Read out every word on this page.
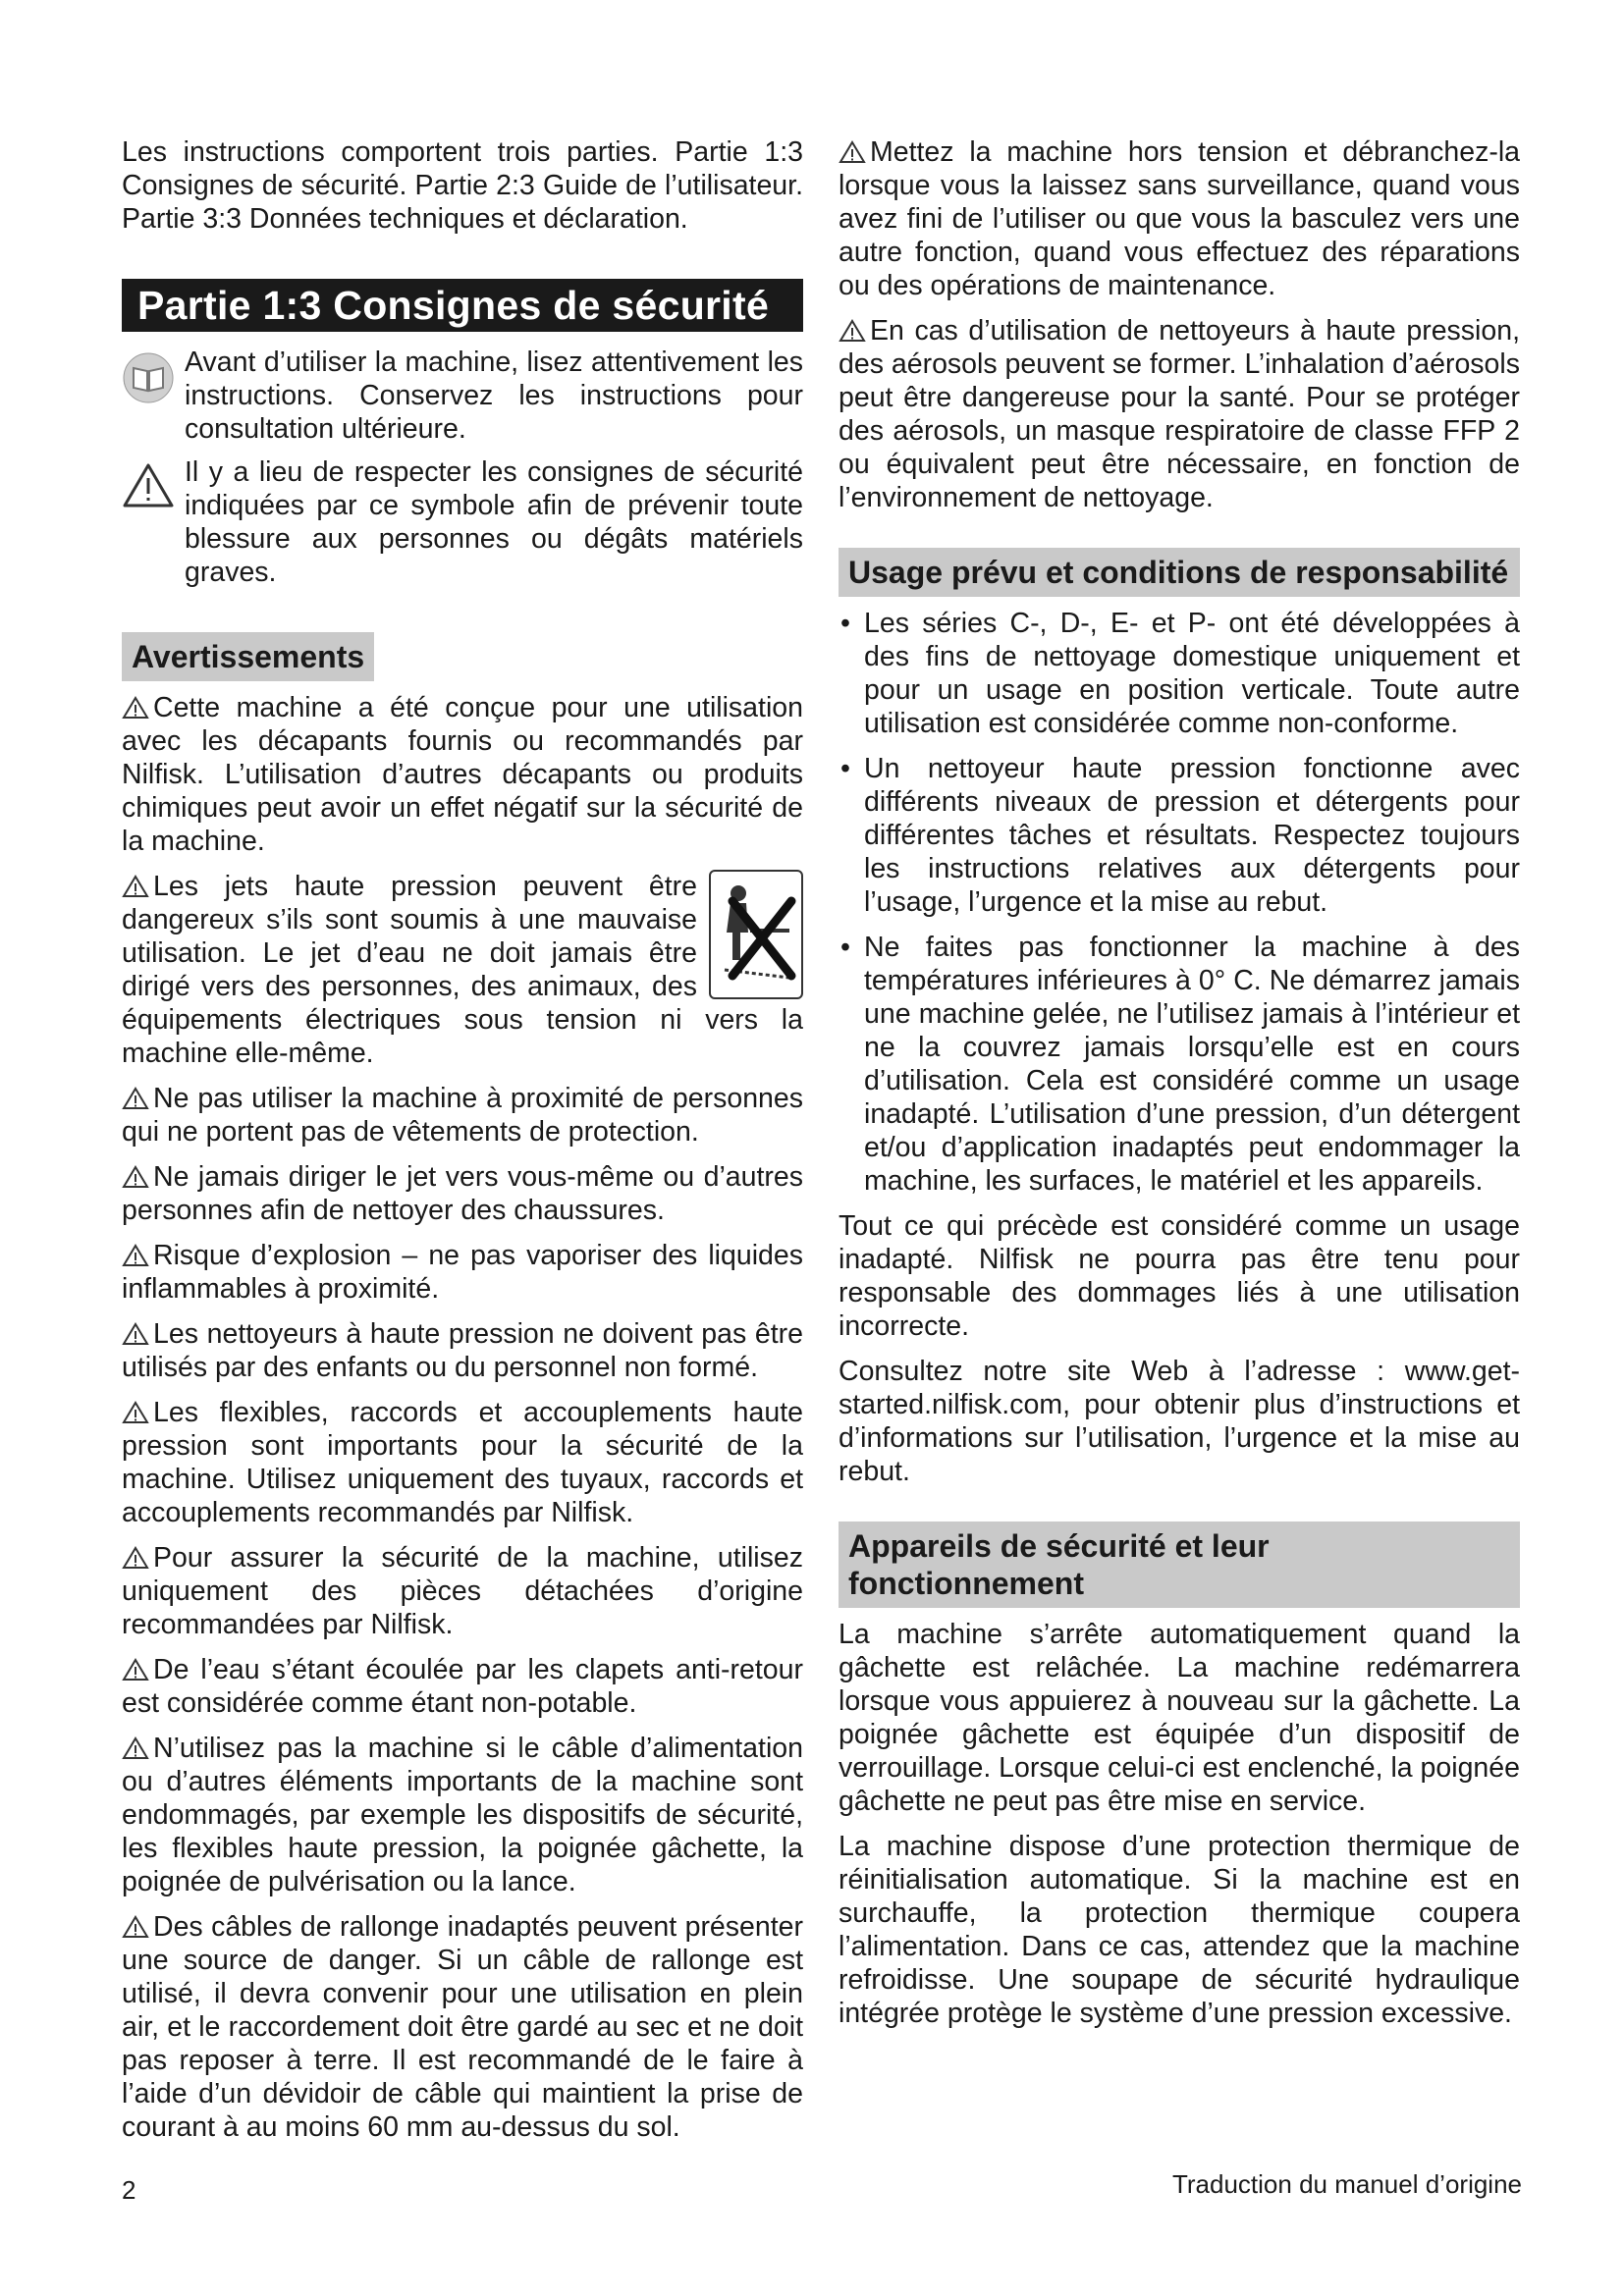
Les instructions comportent trois parties. Partie 1:3 Consignes de sécurité. Partie 2:3 Guide de l’utilisateur. Partie 3:3 Données techniques et déclaration.

Partie 1:3 Consignes de sécurité
Avant d’utiliser la machine, lisez attentivement les instructions. Conservez les instructions pour consultation ultérieure.
Il y a lieu de respecter les consignes de sécurité indiquées par ce symbole afin de prévenir toute blessure aux personnes ou dégâts matériels graves.
Avertissements

Cette machine a été conçue pour une utilisation avec les décapants fournis ou recommandés par Nilfisk. L’utilisation d’autres décapants ou produits chimiques peut avoir un effet négatif sur la sécurité de la machine.

Les jets haute pression peuvent être dangereux s’ils sont soumis à une mauvaise utilisation. Le jet d’eau ne doit jamais être dirigé vers des personnes, des animaux, des équipements électriques sous tension ni vers la machine elle-même.

Ne pas utiliser la machine à proximité de personnes qui ne portent pas de vêtements de protection.

Ne jamais diriger le jet vers vous-même ou d’autres personnes afin de nettoyer des chaussures.

Risque d’explosion – ne pas vaporiser des liquides inflammables à proximité.

Les nettoyeurs à haute pression ne doivent pas être utilisés par des enfants ou du personnel non formé.

Les flexibles, raccords et accouplements haute pression sont importants pour la sécurité de la machine. Utilisez uniquement des tuyaux, raccords et accouplements recommandés par Nilfisk.

Pour assurer la sécurité de la machine, utilisez uniquement des pièces détachées d’origine recommandées par Nilfisk.

De l’eau s’étant écoulée par les clapets anti-retour est considérée comme étant non-potable.

N’utilisez pas la machine si le câble d’alimentation ou d’autres éléments importants de la machine sont endommagés, par exemple les dispositifs de sécurité, les flexibles haute pression, la poignée gâchette, la poignée de pulvérisation ou la lance.

Des câbles de rallonge inadaptés peuvent présenter une source de danger. Si un câble de rallonge est utilisé, il devra convenir pour une utilisation en plein air, et le raccordement doit être gardé au sec et ne doit pas reposer à terre. Il est recommandé de le faire à l’aide d’un dévidoir de câble qui maintient la prise de courant à au moins 60 mm au-dessus du sol.

Mettez la machine hors tension et débranchez-la lorsque vous la laissez sans surveillance, quand vous avez fini de l’utiliser ou que vous la basculez vers une autre fonction, quand vous effectuez des réparations ou des opérations de maintenance.

En cas d’utilisation de nettoyeurs à haute pression, des aérosols peuvent se former. L’inhalation d’aérosols peut être dangereuse pour la santé. Pour se protéger des aérosols, un masque respiratoire de classe FFP 2 ou équivalent peut être nécessaire, en fonction de l’environnement de nettoyage.

Usage prévu et conditions de responsabilité
• Les séries C-, D-, E- et P- ont été développées à des fins de nettoyage domestique uniquement et pour un usage en position verticale. Toute autre utilisation est considérée comme non-conforme.
• Un nettoyeur haute pression fonctionne avec différents niveaux de pression et détergents pour différentes tâches et résultats. Respectez toujours les instructions relatives aux détergents pour l’usage, l’urgence et la mise au rebut.
• Ne faites pas fonctionner la machine à des températures inférieures à 0° C. Ne démarrez jamais une machine gelée, ne l’utilisez jamais à l’intérieur et ne la couvrez jamais lorsqu’elle est en cours d’utilisation. Cela est considéré comme un usage inadapté. L’utilisation d’une pression, d’un détergent et/ou d’application inadaptés peut endommager la machine, les surfaces, le matériel et les appareils.

Tout ce qui précède est considéré comme un usage inadapté. Nilfisk ne pourra pas être tenu pour responsable des dommages liés à une utilisation incorrecte.

Consultez notre site Web à l’adresse : www.get-started.nilfisk.com, pour obtenir plus d’instructions et d’informations sur l’utilisation, l’urgence et la mise au rebut.

Appareils de sécurité et leur fonctionnement

La machine s’arrête automatiquement quand la gâchette est relâchée. La machine redémarrera lorsque vous appuierez à nouveau sur la gâchette. La poignée gâchette est équipée d’un dispositif de verrouillage. Lorsque celui-ci est enclenché, la poignée gâchette ne peut pas être mise en service.

La machine dispose d’une protection thermique de réinitialisation automatique. Si la machine est en surchauffe, la protection thermique coupera l’alimentation. Dans ce cas, attendez que la machine refroidisse. Une soupape de sécurité hydraulique intégrée protège le système d’une pression excessive.

2	Traduction du manuel d’origine
